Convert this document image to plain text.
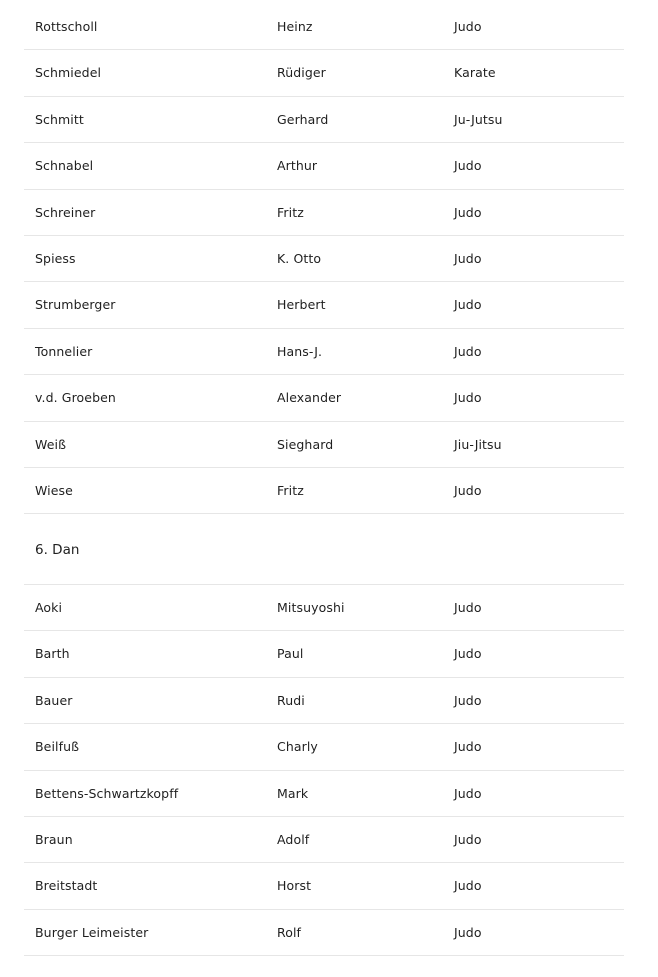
Rottscholl	Heinz	Judo
Schmiedel	Rüdiger	Karate
Schmitt	Gerhard	Ju-Jutsu
Schnabel	Arthur	Judo
Schreiner	Fritz	Judo
Spiess	K. Otto	Judo
Strumberger	Herbert	Judo
Tonnelier	Hans-J.	Judo
v.d. Groeben	Alexander	Judo
Weiß	Sieghard	Jiu-Jitsu
Wiese	Fritz	Judo
6. Dan
Aoki	Mitsuyoshi	Judo
Barth	Paul	Judo
Bauer	Rudi	Judo
Beilfuß	Charly	Judo
Bettens-Schwartzkopff	Mark	Judo
Braun	Adolf	Judo
Breitstadt	Horst	Judo
Burger Leimeister	Rolf	Judo
